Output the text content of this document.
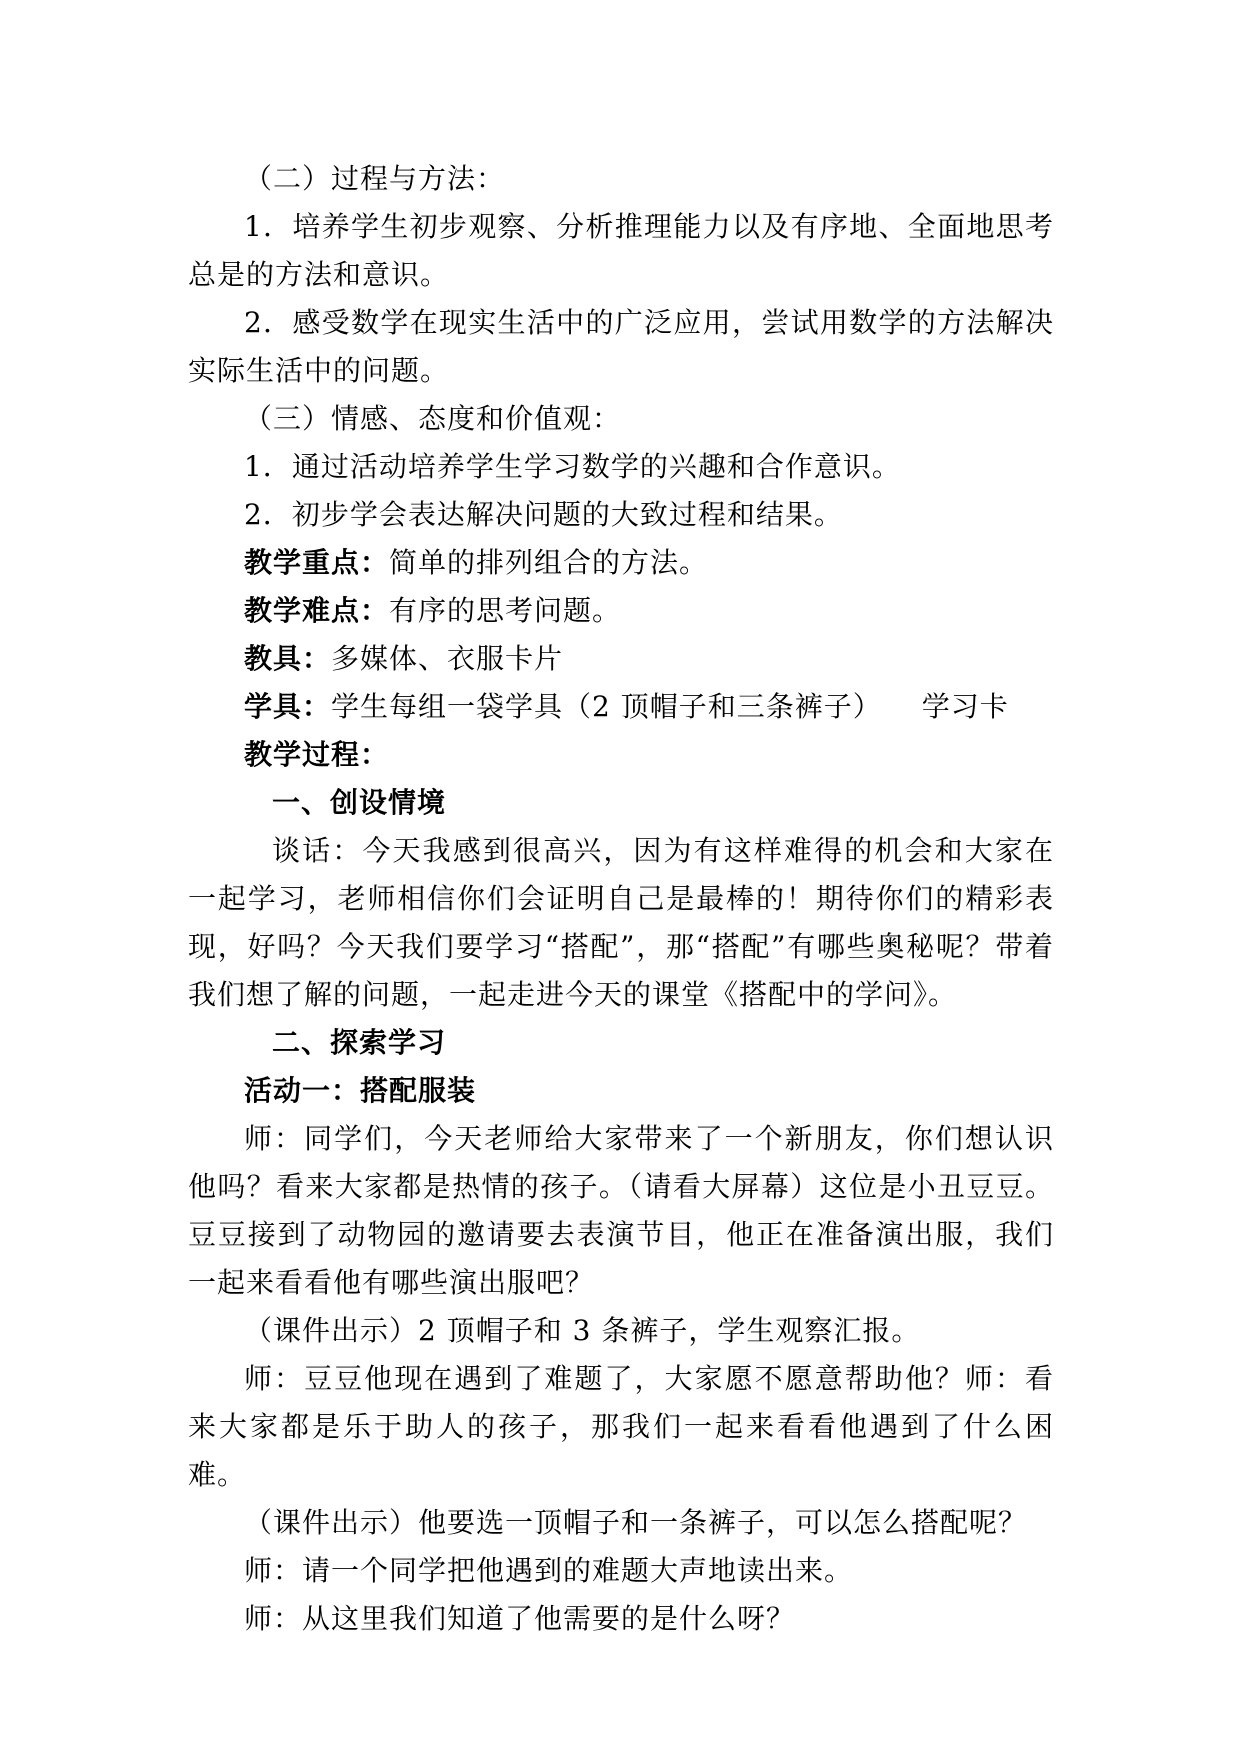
（二）过程与方法：

1．培养学生初步观察、分析推理能力以及有序地、全面地思考总是的方法和意识。

2．感受数学在现实生活中的广泛应用，尝试用数学的方法解决实际生活中的问题。

（三）情感、态度和价值观：

1．通过活动培养学生学习数学的兴趣和合作意识。

2．初步学会表达解决问题的大致过程和结果。

教学重点：简单的排列组合的方法。

教学难点：有序的思考问题。

教具：多媒体、衣服卡片

学具：学生每组一袋学具（2 顶帽子和三条裤子） 学习卡

教学过程：

一、创设情境

谈话：今天我感到很高兴，因为有这样难得的机会和大家在一起学习，老师相信你们会证明自己是最棒的！期待你们的精彩表现，好吗？今天我们要学习“搭配”，那“搭配”有哪些奥秘呢？带着我们想了解的问题，一起走进今天的课堂《搭配中的学问》。

二、探索学习

活动一：搭配服装

师：同学们，今天老师给大家带来了一个新朋友，你们想认识他吗？看来大家都是热情的孩子。（请看大屏幕）这位是小丑豆豆。豆豆接到了动物园的邀请要去表演节目，他正在准备演出服，我们一起来看看他有哪些演出服吧？

（课件出示）2 顶帽子和 3 条裤子，学生观察汇报。

师：豆豆他现在遇到了难题了，大家愿不愿意帮助他？师：看来大家都是乐于助人的孩子，那我们一起来看看他遇到了什么困难。

（课件出示）他要选一顶帽子和一条裤子，可以怎么搭配呢？

师：请一个同学把他遇到的难题大声地读出来。

师：从这里我们知道了他需要的是什么呀？
